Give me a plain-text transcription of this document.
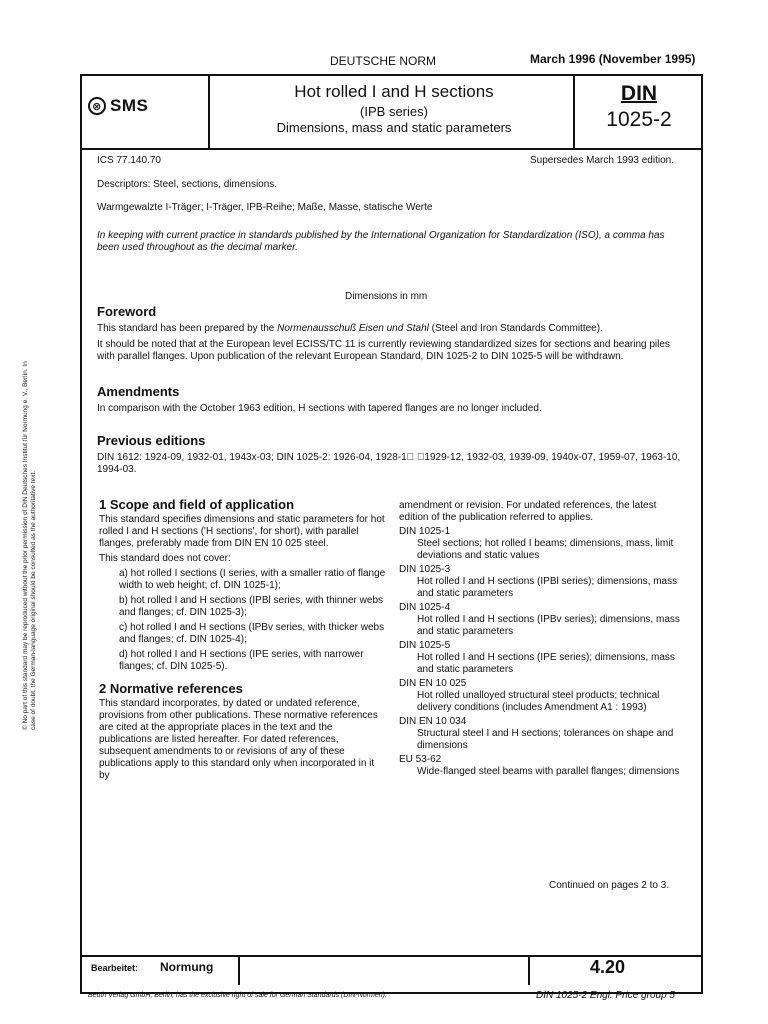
DEUTSCHE NORM	March 1996 (November 1995)
⊗ SMS
Hot rolled I and H sections
(IPB series)
Dimensions, mass and static parameters
DIN
1025-2
ICS 77.140.70	Supersedes March 1993 edition.
Descriptors: Steel, sections, dimensions.
Warmgewalzte I-Träger; I-Träger, IPB-Reihe; Maße, Masse, statische Werte
In keeping with current practice in standards published by the International Organization for Standardization (ISO), a comma has been used throughout as the decimal marker.
Dimensions in mm
Foreword
This standard has been prepared by the Normenausschuß Eisen und Stahl (Steel and Iron Standards Committee).
It should be noted that at the European level ECISS/TC 11 is currently reviewing standardized sizes for sections and bearing piles with parallel flanges. Upon publication of the relevant European Standard, DIN 1025-2 to DIN 1025-5 will be withdrawn.
Amendments
In comparison with the October 1963 edition, H sections with tapered flanges are no longer included.
Previous editions
DIN 1612: 1924-09, 1932-01, 1943x-03; DIN 1025-2: 1926-04, 1928-1   1929-12, 1932-03, 1939-09, 1940x-07, 1959-07, 1963-10, 1994-03.
1 Scope and field of application
This standard specifies dimensions and static parameters for hot rolled I and H sections ('H sections', for short), with parallel flanges, preferably made from DIN EN 10 025 steel.
This standard does not cover:
a) hot rolled I sections (I series, with a smaller ratio of flange width to web height; cf. DIN 1025-1);
b) hot rolled I and H sections (IPBl series, with thinner webs and flanges; cf. DIN 1025-3);
c) hot rolled I and H sections (IPBv series, with thicker webs and flanges; cf. DIN 1025-4);
d) hot rolled I and H sections (IPE series, with narrower flanges; cf. DIN 1025-5).
2 Normative references
This standard incorporates, by dated or undated reference, provisions from other publications. These normative references are cited at the appropriate places in the text and the publications are listed hereafter. For dated references, subsequent amendments to or revisions of any of these publications apply to this standard only when incorporated in it by
amendment or revision. For undated references, the latest edition of the publication referred to applies.
DIN 1025-1
Steel sections; hot rolled I beams; dimensions, mass, limit deviations and static values
DIN 1025-3
Hot rolled I and H sections (IPBl series); dimensions, mass and static parameters
DIN 1025-4
Hot rolled I and H sections (IPBv series); dimensions, mass and static parameters
DIN 1025-5
Hot rolled I and H sections (IPE series); dimensions, mass and static parameters
DIN EN 10 025
Hot rolled unalloyed structural steel products; technical delivery conditions (includes Amendment A1 : 1993)
DIN EN 10 034
Structural steel I and H sections; tolerances on shape and dimensions
EU 53-62
Wide-flanged steel beams with parallel flanges; dimensions
Continued on pages 2 to 3.
Bearbeitet: Normung	4.20
Beuth Verlag GmbH, Berlin, has the exclusive right of sale for German Standards (DIN-Normen).	DIN 1025-2 Engl. Price group 5
© No part of this standard may be reproduced without the prior permission of DIN Deutsches Institut für Normung e. V., Berlin. In case of doubt, the German-language original should be consulted as the authoritative text.
